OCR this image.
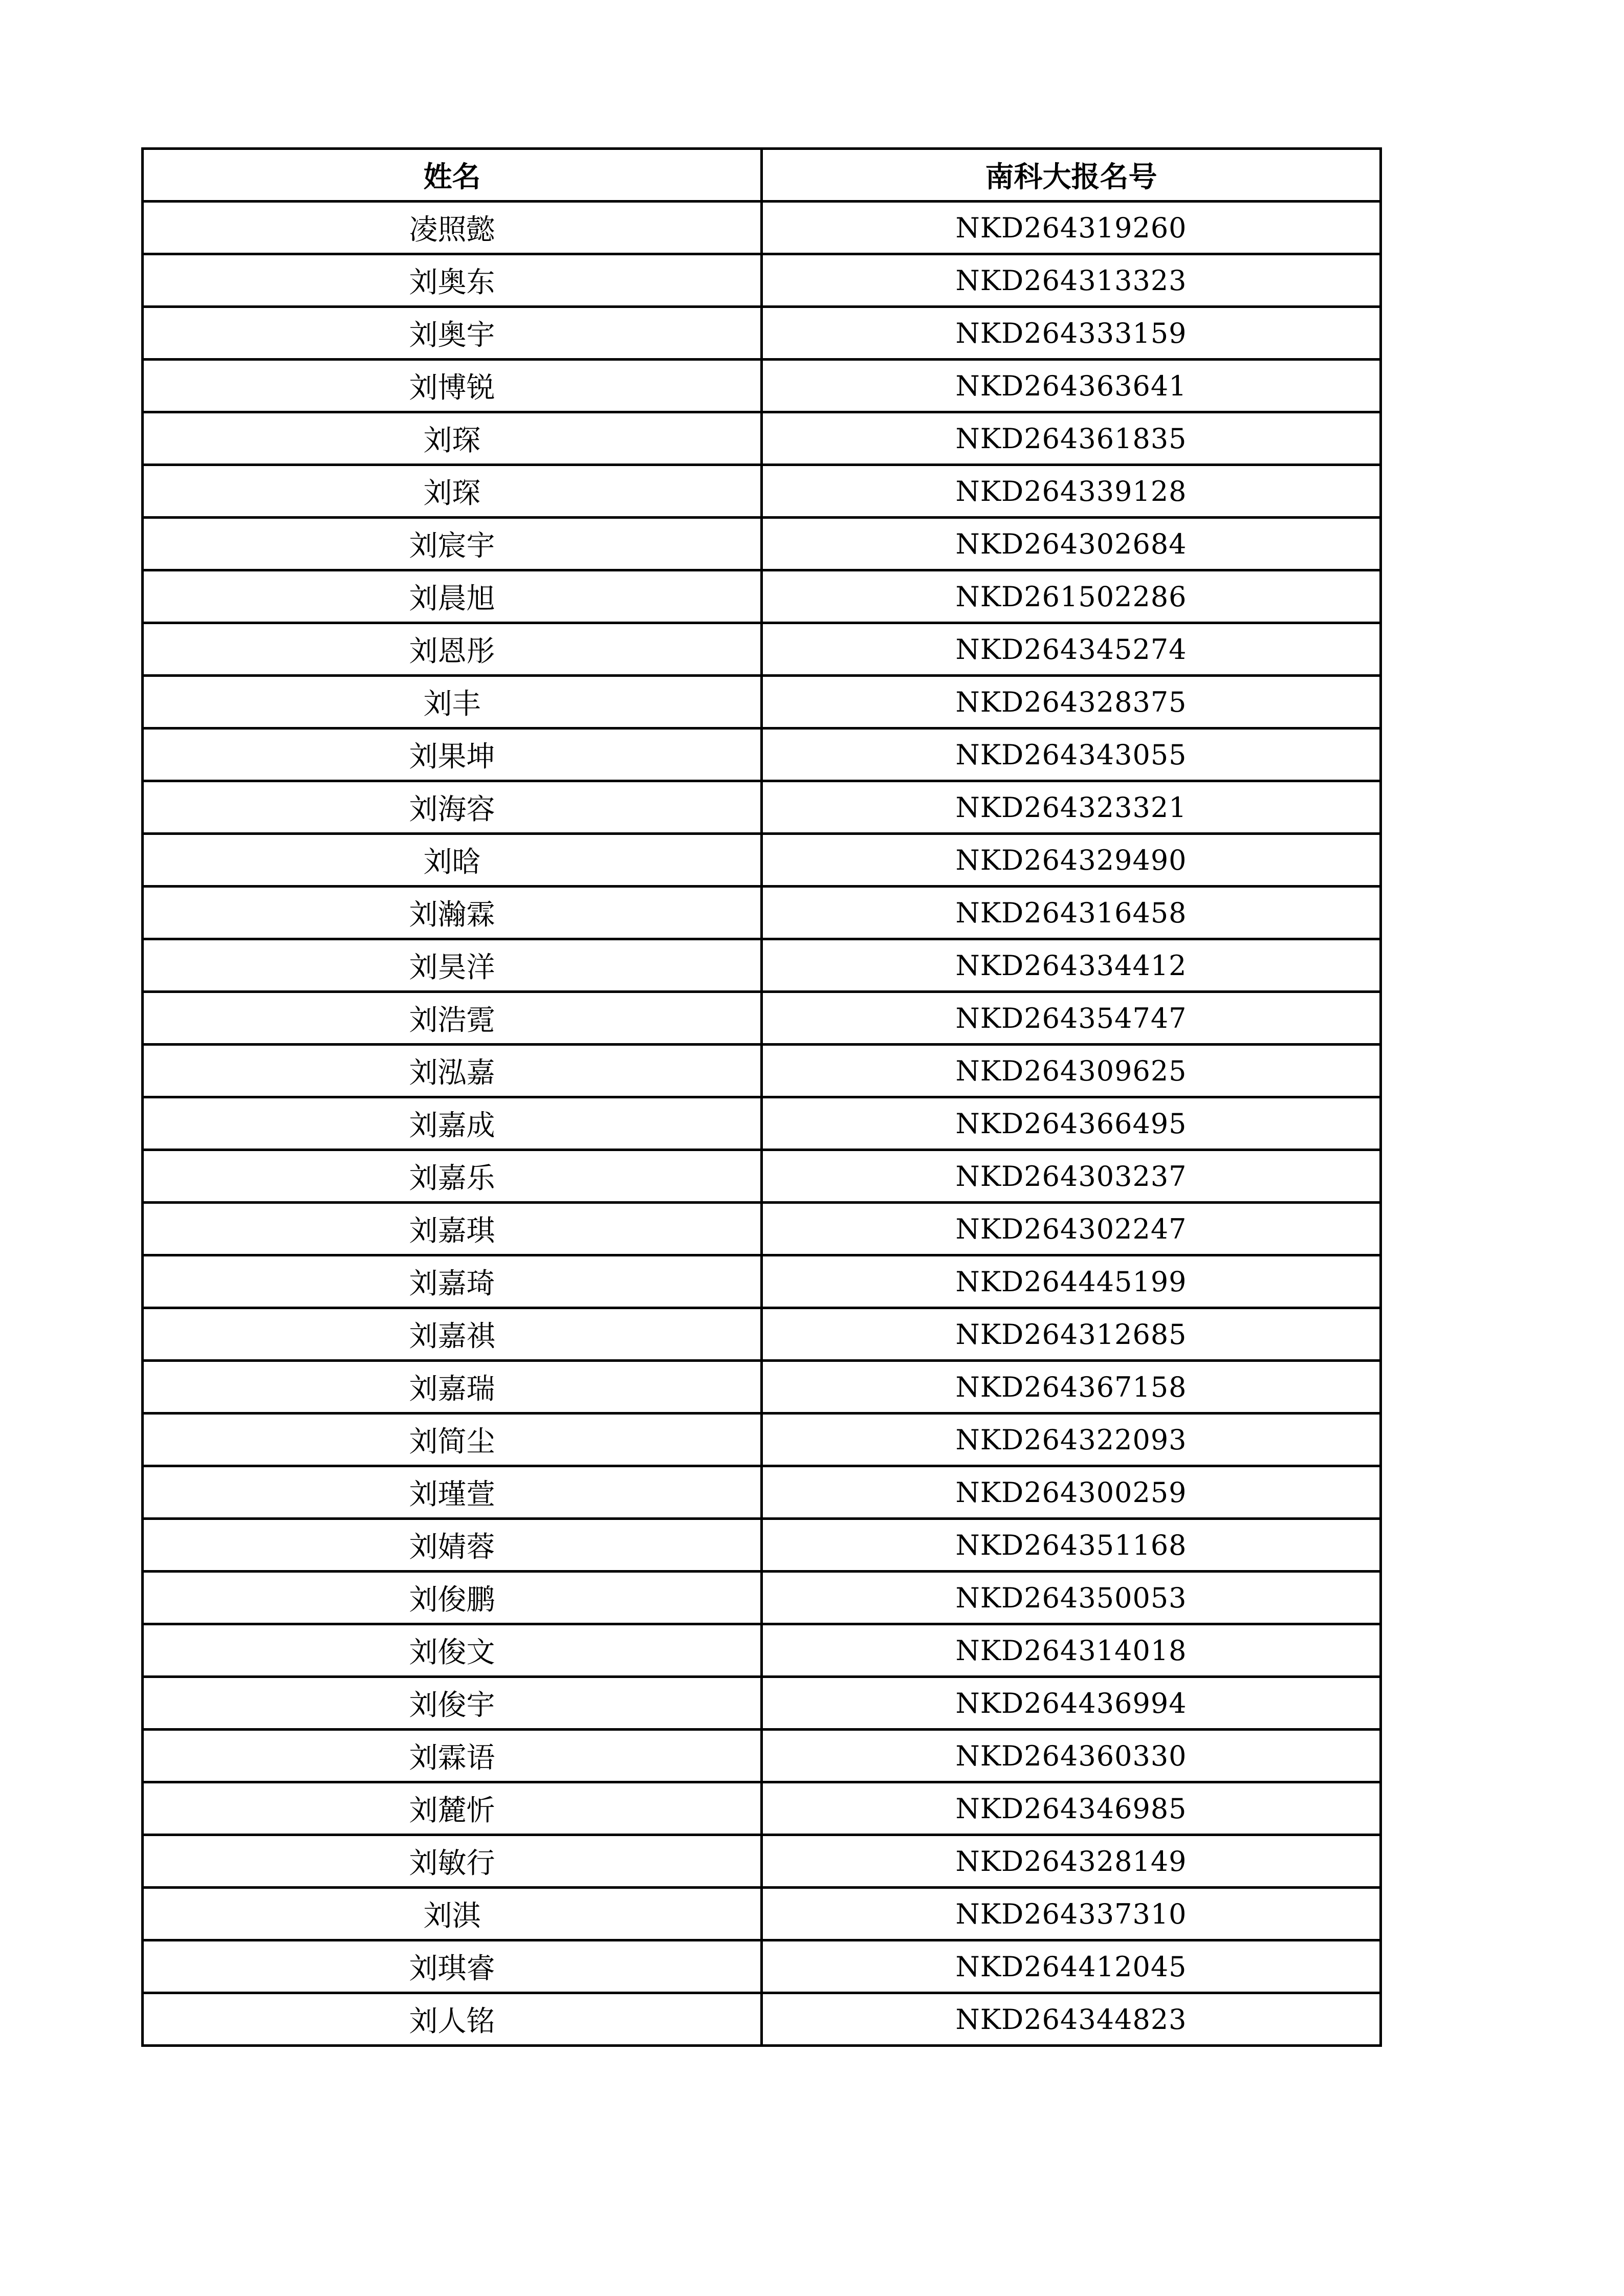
姓名	南科大报名号
凌照懿	NKD264319260
刘奥东	NKD264313323
刘奥宇	NKD264333159
刘博锐	NKD264363641
刘琛	NKD264361835
刘琛	NKD264339128
刘宸宇	NKD264302684
刘晨旭	NKD261502286
刘恩彤	NKD264345274
刘丰	NKD264328375
刘果坤	NKD264343055
刘海容	NKD264323321
刘晗	NKD264329490
刘瀚霖	NKD264316458
刘昊洋	NKD264334412
刘浩霓	NKD264354747
刘泓嘉	NKD264309625
刘嘉成	NKD264366495
刘嘉乐	NKD264303237
刘嘉琪	NKD264302247
刘嘉琦	NKD264445199
刘嘉祺	NKD264312685
刘嘉瑞	NKD264367158
刘简尘	NKD264322093
刘瑾萱	NKD264300259
刘婧蓉	NKD264351168
刘俊鹏	NKD264350053
刘俊文	NKD264314018
刘俊宇	NKD264436994
刘霖语	NKD264360330
刘麓忻	NKD264346985
刘敏行	NKD264328149
刘淇	NKD264337310
刘琪睿	NKD264412045
刘人铭	NKD264344823
